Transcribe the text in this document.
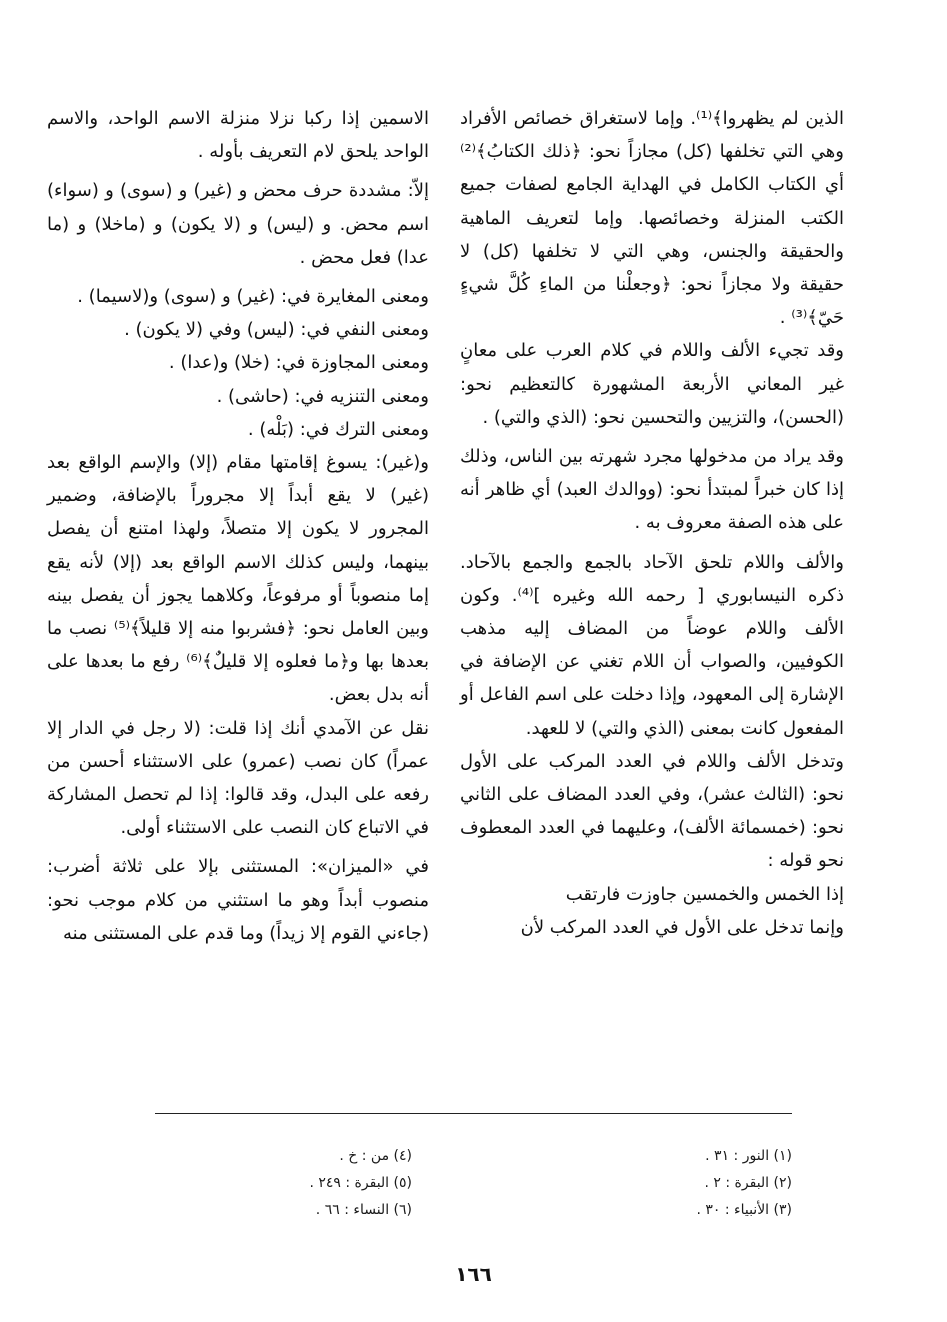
الذين لم يظهروا﴾⁽¹⁾. وإما لاستغراق خصائص الأفراد وهي التي تخلفها (كل) مجازاً نحو: ﴿ذلك الكتابُ﴾⁽²⁾ أي الكتاب الكامل في الهداية الجامع لصفات جميع الكتب المنزلة وخصائصها. وإما لتعريف الماهية والحقيقة والجنس، وهي التي لا تخلفها (كل) لا حقيقة ولا مجازاً نحو: ﴿وجعلْنا من الماءِ كُلَّ شيءٍ حَيّ﴾⁽³⁾ .

وقد تجيء الألف واللام في كلام العرب على معانٍ غير المعاني الأربعة المشهورة كالتعظيم نحو: (الحسن)، والتزيين والتحسين نحو: (الذي والتي) .

وقد يراد من مدخولها مجرد شهرته بين الناس، وذلك إذا كان خبراً لمبتدأ نحو: (ووالدك العبد) أي ظاهر أنه على هذه الصفة معروف به .

والألف واللام تلحق الآحاد بالجمع والجمع بالآحاد. ذكره النيسابوري [ رحمه الله وغيره ]⁽⁴⁾. وكون الألف واللام عوضاً من المضاف إليه مذهب الكوفيين، والصواب أن اللام تغني عن الإضافة في الإشارة إلى المعهود، وإذا دخلت على اسم الفاعل أو المفعول كانت بمعنى (الذي والتي) لا للعهد.

وتدخل الألف واللام في العدد المركب على الأول نحو: (الثالث عشر)، وفي العدد المضاف على الثاني نحو: (خمسمائة الألف)، وعليهما في العدد المعطوف نحو قوله :

إذا الخمس والخمسين جاوزت فارتقب

وإنما تدخل على الأول في العدد المركب لأن

الاسمين إذا ركبا نزلا منزلة الاسم الواحد، والاسم الواحد يلحق لام التعريف بأوله .

إلاّ: مشددة حرف محض و (غير) و (سوى) و (سواء) اسم محض. و (ليس) و (لا يكون) و (ماخلا) و (ما عدا) فعل محض .

ومعنى المغايرة في: (غير) و (سوى) و(لاسيما) .

ومعنى النفي في: (ليس) وفي (لا يكون) .

ومعنى المجاوزة في: (خلا) و(عدا) .

ومعنى التنزيه في: (حاشى) .

ومعنى الترك في: (بَلْه) .

و(غير): يسوغ إقامتها مقام (إلا) والإسم الواقع بعد (غير) لا يقع أبداً إلا مجروراً بالإضافة، وضمير المجرور لا يكون إلا متصلاً، ولهذا امتنع أن يفصل بينهما، وليس كذلك الاسم الواقع بعد (إلا) لأنه يقع إما منصوباً أو مرفوعاً، وكلاهما يجوز أن يفصل بينه وبين العامل نحو: ﴿فشربوا منه إلا قليلاً﴾⁽⁵⁾ نصب ما بعدها بها و﴿ما فعلوه إلا قليلٌ﴾⁽⁶⁾ رفع ما بعدها على أنه بدل بعض.

نقل عن الآمدي أنك إذا قلت: (لا رجل في الدار إلا عمراً) كان نصب (عمرو) على الاستثناء أحسن من رفعه على البدل، وقد قالوا: إذا لم تحصل المشاركة في الاتباع كان النصب على الاستثناء أولى.

في «الميزان»: المستثنى بإلا على ثلاثة أضرب: منصوب أبداً وهو ما استثني من كلام موجب نحو: (جاءني القوم إلا زيداً) وما قدم على المستثنى منه

(١) النور : ٣١ .
(٢) البقرة : ٢ .
(٣) الأنبياء : ٣٠ .
(٤) من : خ .
(٥) البقرة : ٢٤٩ .
(٦) النساء : ٦٦ .
١٦٦
